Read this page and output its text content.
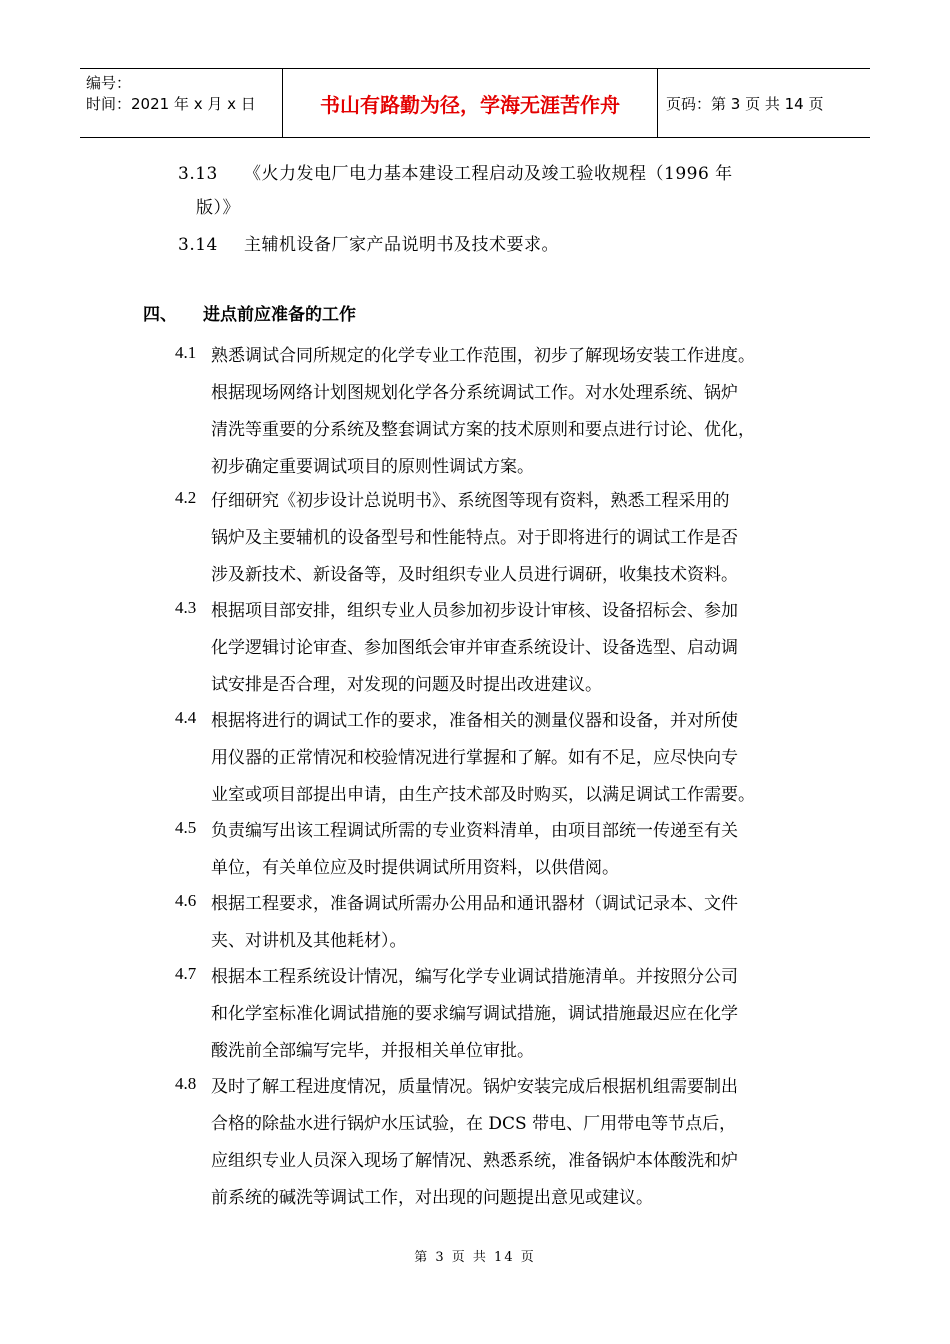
编号：
时间：2021 年 x 月 x 日	书山有路勤为径，学海无涯苦作舟	页码：第 3 页 共 14 页
3.13 《火力发电厂电力基本建设工程启动及竣工验收规程（1996 年
版）》
3.14 主辅机设备厂家产品说明书及技术要求。
四、 进点前应准备的工作
4.1 熟悉调试合同所规定的化学专业工作范围，初步了解现场安装工作进度。
根据现场网络计划图规划化学各分系统调试工作。对水处理系统、锅炉
清洗等重要的分系统及整套调试方案的技术原则和要点进行讨论、优化，
初步确定重要调试项目的原则性调试方案。
4.2 仔细研究《初步设计总说明书》、系统图等现有资料，熟悉工程采用的
锅炉及主要辅机的设备型号和性能特点。对于即将进行的调试工作是否
涉及新技术、新设备等，及时组织专业人员进行调研，收集技术资料。
4.3 根据项目部安排，组织专业人员参加初步设计审核、设备招标会、参加
化学逻辑讨论审查、参加图纸会审并审查系统设计、设备选型、启动调
试安排是否合理，对发现的问题及时提出改进建议。
4.4 根据将进行的调试工作的要求，准备相关的测量仪器和设备，并对所使
用仪器的正常情况和校验情况进行掌握和了解。如有不足，应尽快向专
业室或项目部提出申请，由生产技术部及时购买，以满足调试工作需要。
4.5 负责编写出该工程调试所需的专业资料清单，由项目部统一传递至有关
单位，有关单位应及时提供调试所用资料，以供借阅。
4.6 根据工程要求，准备调试所需办公用品和通讯器材（调试记录本、文件
夹、对讲机及其他耗材）。
4.7 根据本工程系统设计情况，编写化学专业调试措施清单。并按照分公司
和化学室标准化调试措施的要求编写调试措施，调试措施最迟应在化学
酸洗前全部编写完毕，并报相关单位审批。
4.8 及时了解工程进度情况，质量情况。锅炉安装完成后根据机组需要制出
合格的除盐水进行锅炉水压试验，在 DCS 带电、厂用带电等节点后，
应组织专业人员深入现场了解情况、熟悉系统，准备锅炉本体酸洗和炉
前系统的碱洗等调试工作，对出现的问题提出意见或建议。
第 3 页 共 14 页
